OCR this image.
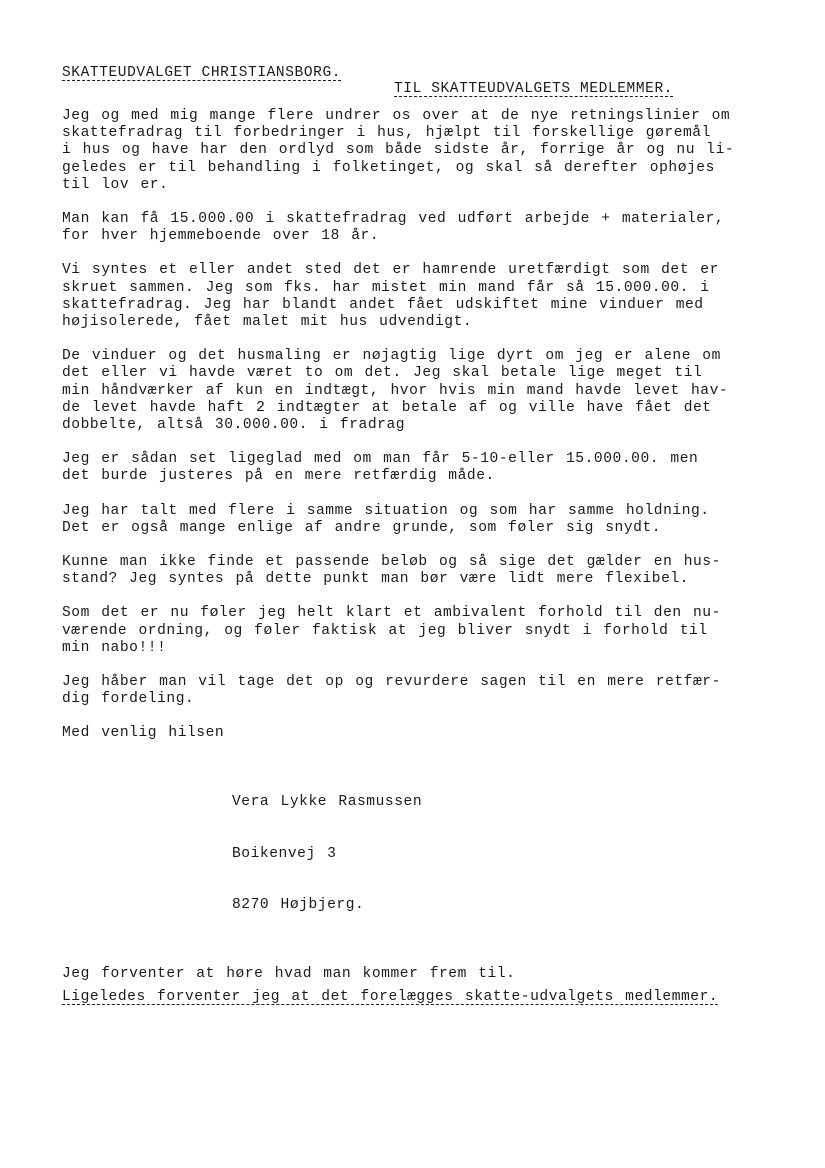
SKATTEUDVALGET CHRISTIANSBORG.

TIL SKATTEUDVALGETS MEDLEMMER.

Jeg og med mig mange flere undrer os over at de nye retningslinier om
skattefradrag til forbedringer i hus, hjælpt til forskellige gøremål
i hus og have har den ordlyd som både sidste år, forrige år og nu li-
geledes er til behandling i folketinget, og skal så derefter ophøjes
til lov er.

Man kan få 15.000.00 i skattefradrag ved udført arbejde + materialer,
for hver hjemmeboende over 18 år.

Vi syntes et eller andet sted det er hamrende uretfærdigt som det er
skruet sammen. Jeg som fks. har mistet min mand får så 15.000.00. i
skattefradrag. Jeg har blandt andet fået udskiftet mine vinduer med
højisolerede, fået malet mit hus udvendigt.

De vinduer og det husmaling er nøjagtig lige dyrt om jeg er alene om
det eller vi havde været to om det. Jeg skal betale lige meget til
min håndværker af kun en indtægt, hvor hvis min mand havde levet hav-
de levet havde haft 2 indtægter at betale af og ville have fået det
dobbelte, altså 30.000.00. i fradrag

Jeg er sådan set ligeglad med om man får 5-10-eller 15.000.00. men
det burde justeres på en mere retfærdig måde.

Jeg har talt med flere i samme situation og som har samme holdning.
Det er også mange enlige af andre grunde, som føler sig snydt.

Kunne man ikke finde et passende beløb og så sige det gælder en hus-
stand? Jeg syntes på dette punkt man bør være lidt mere flexibel.

Som det er nu føler jeg helt klart et ambivalent forhold til den nu-
værende ordning, og føler faktisk at jeg bliver snydt i forhold til
min nabo!!!

Jeg håber man vil tage det op og revurdere sagen til en mere retfær-
dig fordeling.

Med venlig hilsen

Vera Lykke Rasmussen

Boikenvej 3

8270 Højbjerg.

Jeg forventer at høre hvad man kommer frem til.

Ligeledes forventer jeg at det forelægges skatte-udvalgets medlemmer.
